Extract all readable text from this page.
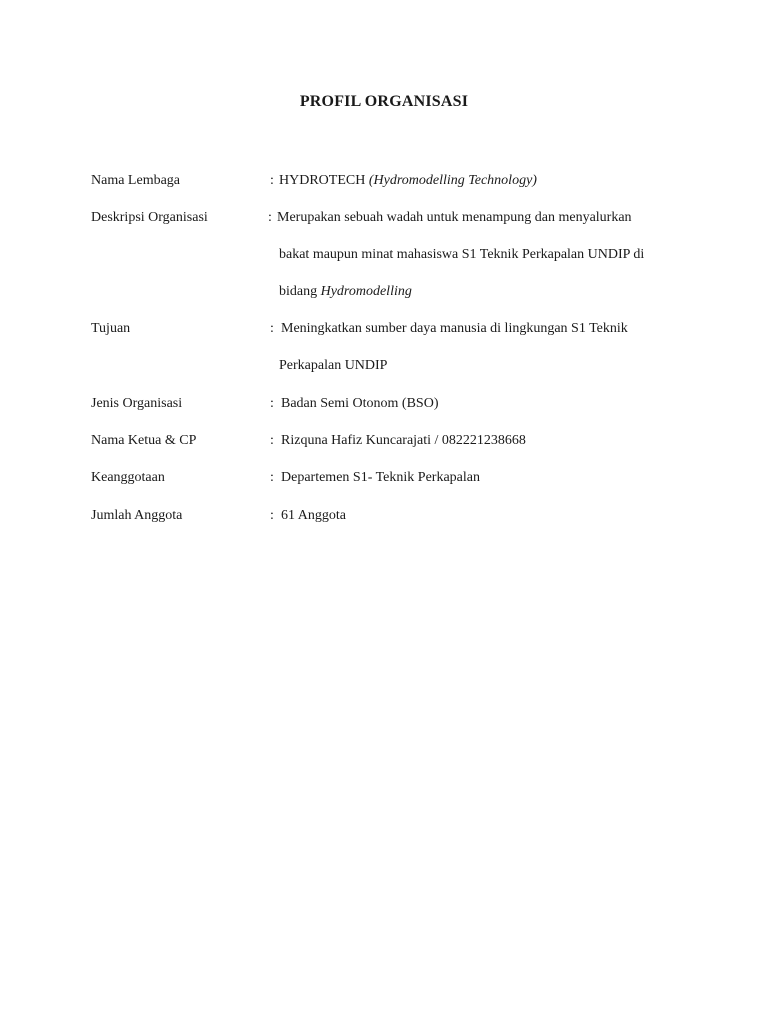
PROFIL ORGANISASI
Nama Lembaga	: HYDROTECH (Hydromodelling Technology)
Deskripsi Organisasi	: Merupakan sebuah wadah untuk menampung dan menyalurkan
bakat maupun minat mahasiswa S1 Teknik Perkapalan UNDIP di
bidang Hydromodelling
Tujuan	: Meningkatkan sumber daya manusia di lingkungan S1 Teknik
Perkapalan UNDIP
Jenis Organisasi	: Badan Semi Otonom (BSO)
Nama Ketua & CP	: Rizquna Hafiz Kuncarajati / 082221238668
Keanggotaan	: Departemen S1- Teknik Perkapalan
Jumlah Anggota	: 61 Anggota
